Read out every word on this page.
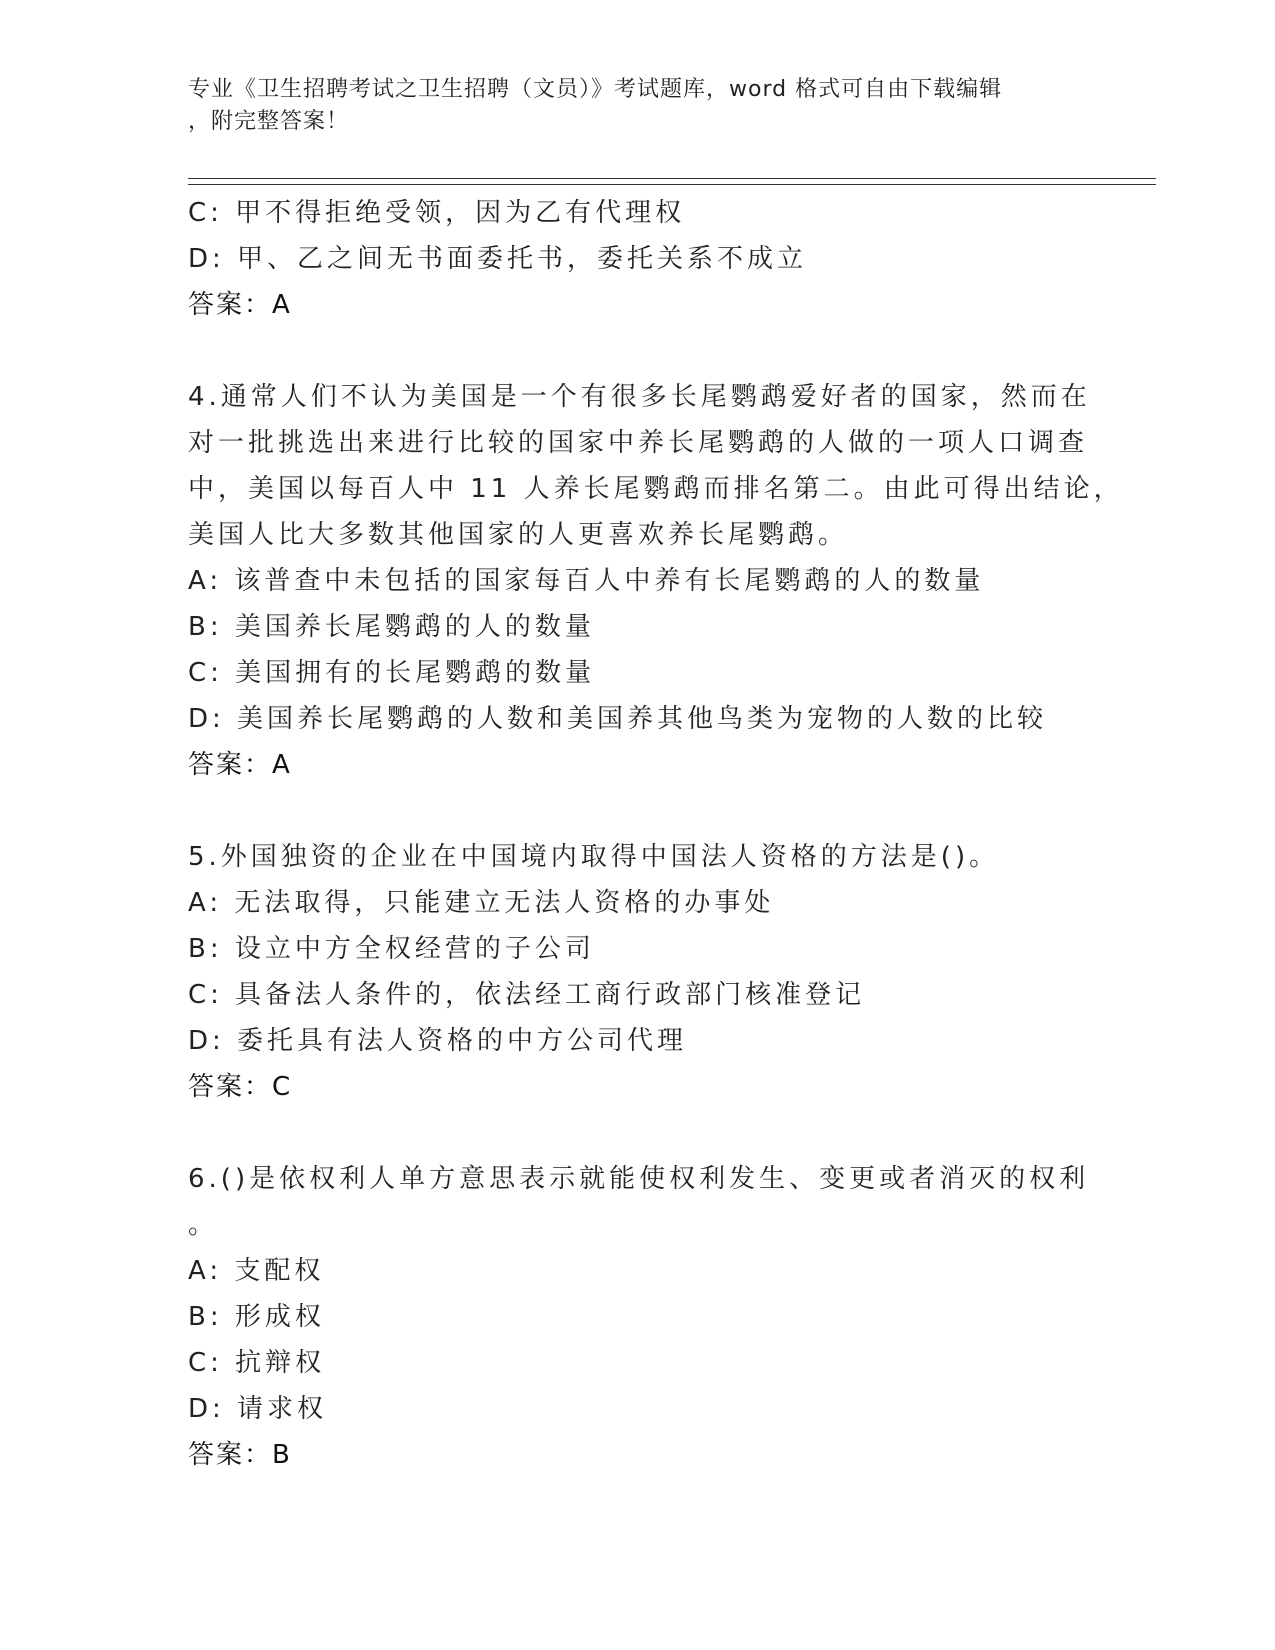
专业《卫生招聘考试之卫生招聘（文员）》考试题库，word 格式可自由下载编辑
，附完整答案！
C: 甲不得拒绝受领，因为乙有代理权
D: 甲、乙之间无书面委托书，委托关系不成立
答案：A
4.通常人们不认为美国是一个有很多长尾鹦鹉爱好者的国家，然而在
对一批挑选出来进行比较的国家中养长尾鹦鹉的人做的一项人口调查
中，美国以每百人中 11 人养长尾鹦鹉而排名第二。由此可得出结论，
美国人比大多数其他国家的人更喜欢养长尾鹦鹉。
A: 该普查中未包括的国家每百人中养有长尾鹦鹉的人的数量
B: 美国养长尾鹦鹉的人的数量
C: 美国拥有的长尾鹦鹉的数量
D: 美国养长尾鹦鹉的人数和美国养其他鸟类为宠物的人数的比较
答案：A
5.外国独资的企业在中国境内取得中国法人资格的方法是()。
A: 无法取得，只能建立无法人资格的办事处
B: 设立中方全权经营的子公司
C: 具备法人条件的，依法经工商行政部门核准登记
D: 委托具有法人资格的中方公司代理
答案：C
6.()是依权利人单方意思表示就能使权利发生、变更或者消灭的权利
。
A: 支配权
B: 形成权
C: 抗辩权
D: 请求权
答案：B
